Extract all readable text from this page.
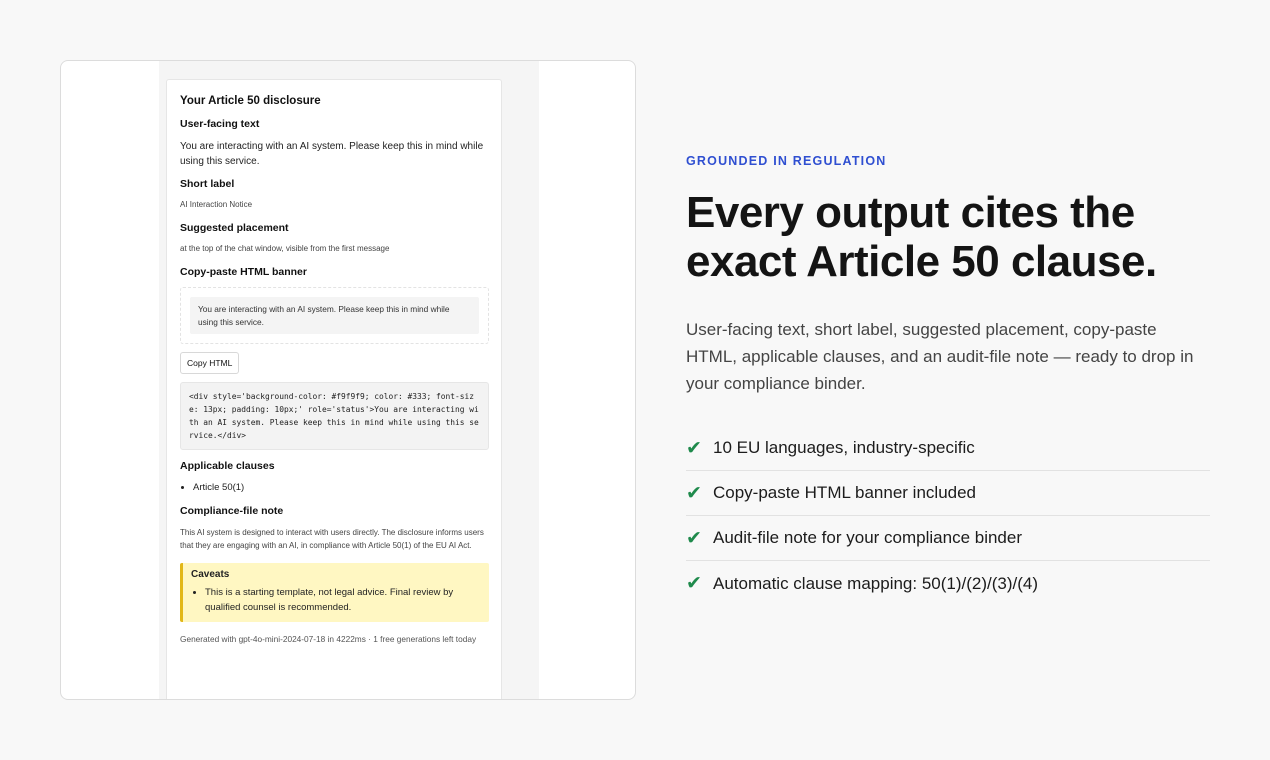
Your Article 50 disclosure
User-facing text
You are interacting with an AI system. Please keep this in mind while using this service.
Short label
AI Interaction Notice
Suggested placement
at the top of the chat window, visible from the first message
Copy-paste HTML banner
You are interacting with an AI system. Please keep this in mind while using this service.
Copy HTML
<div style='background-color: #f9f9f9; color: #333; font-size: 13px; padding: 10px;' role='status'>You are interacting with an AI system. Please keep this in mind while using this service.</div>
Applicable clauses
• Article 50(1)
Compliance-file note
This AI system is designed to interact with users directly. The disclosure informs users that they are engaging with an AI, in compliance with Article 50(1) of the EU AI Act.
Caveats
• This is a starting template, not legal advice. Final review by qualified counsel is recommended.
Generated with gpt-4o-mini-2024-07-18 in 4222ms · 1 free generations left today
GROUNDED IN REGULATION
Every output cites the exact Article 50 clause.

User-facing text, short label, suggested placement, copy-paste HTML, applicable clauses, and an audit-file note — ready to drop in your compliance binder.

✔ 10 EU languages, industry-specific
✔ Copy-paste HTML banner included
✔ Audit-file note for your compliance binder
✔ Automatic clause mapping: 50(1)/(2)/(3)/(4)
